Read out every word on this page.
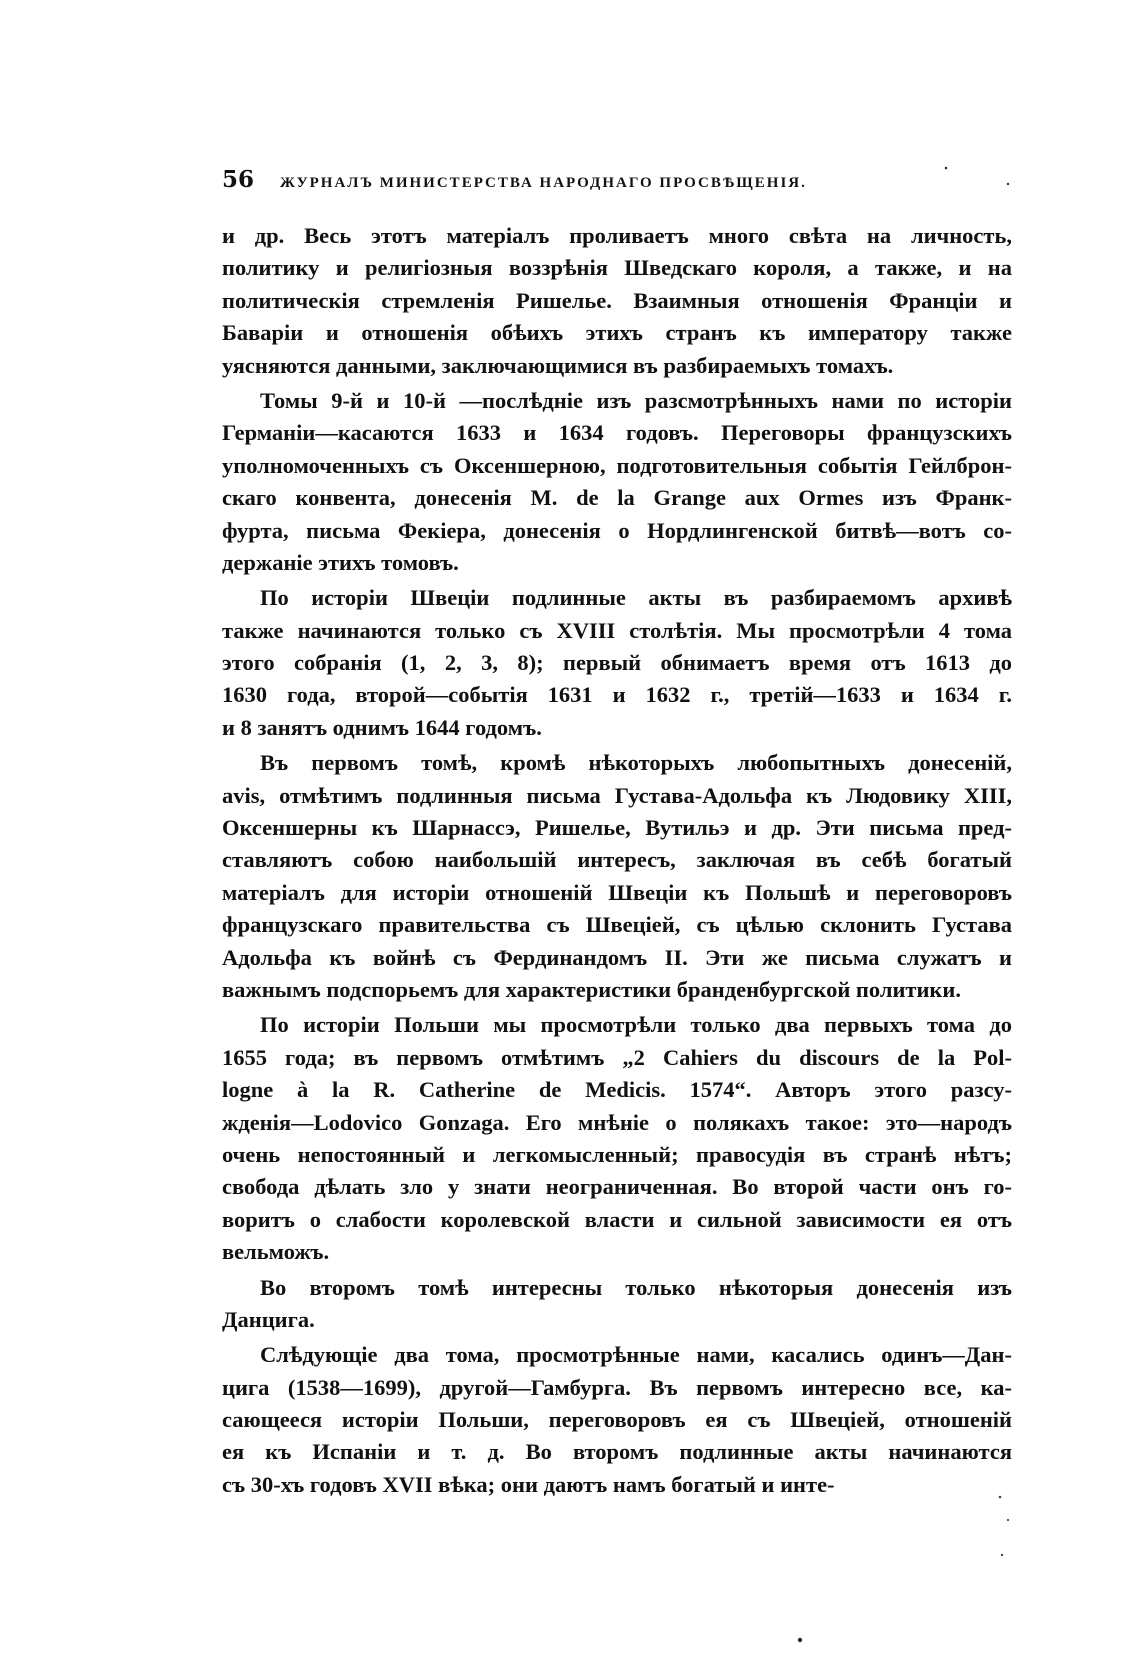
56	ЖУРНАЛЪ МИНИСТЕРСТВА НАРОДНАГО ПРОСВѢЩЕНІЯ.
и др. Весь этотъ матеріалъ проливаетъ много свѣта на личность,
политику и религіозныя воззрѣнія Шведскаго короля, а также, и на
политическія стремленія Ришелье. Взаимныя отношенія Франціи и
Баваріи и отношенія обѣихъ этихъ странъ къ императору также
уясняются данными, заключающимися въ разбираемыхъ томахъ.
Томы 9-й и 10-й —послѣдніе изъ разсмотрѣнныхъ нами по исторіи
Германіи—касаются 1633 и 1634 годовъ. Переговоры французскихъ
уполномоченныхъ съ Оксеншерною, подготовительныя событія Гейлброн-
скаго конвента, донесенія M. de la Grange aux Ormes изъ Франк-
фурта, письма Фекіера, донесенія о Нордлингенской битвѣ—вотъ со-
держаніе этихъ томовъ.
По исторіи Швеціи подлинные акты въ разбираемомъ архивѣ
также начинаются только съ XVIII столѣтія. Мы просмотрѣли 4 тома
этого собранія (1, 2, 3, 8); первый обнимаетъ время отъ 1613 до
1630 года, второй—событія 1631 и 1632 г., третій—1633 и 1634 г.
и 8 занятъ однимъ 1644 годомъ.
Въ первомъ томѣ, кромѣ нѣкоторыхъ любопытныхъ донесеній,
avis, отмѣтимъ подлинныя письма Густава-Адольфа къ Людовику XIII,
Оксеншерны къ Шарнассэ, Ришелье, Вутильэ и др. Эти письма пред-
ставляютъ собою наибольшій интересъ, заключая въ себѣ богатый
матеріалъ для исторіи отношеній Швеціи къ Польшѣ и переговоровъ
французскаго правительства съ Швеціей, съ цѣлью склонить Густава
Адольфа къ войнѣ съ Фердинандомъ II. Эти же письма служатъ и
важнымъ подспорьемъ для характеристики бранденбургской политики.
По исторіи Польши мы просмотрѣли только два первыхъ тома до
1655 года; въ первомъ отмѣтимъ „2 Cahiers du discours de la Pol-
logne à la R. Catherine de Medicis. 1574“. Авторъ этого разсу-
жденія—Lodovico Gonzaga. Его мнѣніе о полякахъ такое: это—народъ
очень непостоянный и легкомысленный; правосудія въ странѣ нѣтъ;
свобода дѣлать зло у знати неограниченная. Во второй части онъ го-
воритъ о слабости королевской власти и сильной зависимости ея отъ
вельможъ.
Во второмъ томѣ интересны только нѣкоторыя донесенія изъ
Данцига.
Слѣдующіе два тома, просмотрѣнные нами, касались одинъ—Дан-
цига (1538—1699), другой—Гамбурга. Въ первомъ интересно все, ка-
сающееся исторіи Польши, переговоровъ ея съ Швеціей, отношеній
ея къ Испаніи и т. д. Во второмъ подлинные акты начинаются
съ 30-хъ годовъ XVII вѣка; они даютъ намъ богатый и инте-
